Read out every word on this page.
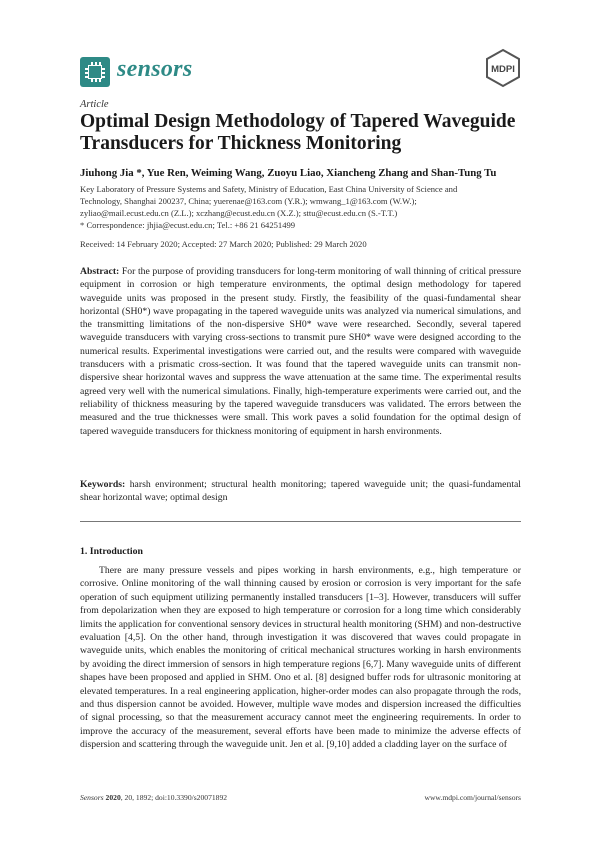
sensors	MDPI
Article
Optimal Design Methodology of Tapered Waveguide
Transducers for Thickness Monitoring
Jiuhong Jia *, Yue Ren, Weiming Wang, Zuoyu Liao, Xiancheng Zhang and Shan-Tung Tu
Key Laboratory of Pressure Systems and Safety, Ministry of Education, East China University of Science and
Technology, Shanghai 200237, China; yuerenae@163.com (Y.R.); wmwang_1@163.com (W.W.);
zyliao@mail.ecust.edu.cn (Z.L.); xczhang@ecust.edu.cn (X.Z.); sttu@ecust.edu.cn (S.-T.T.)
* Correspondence: jhjia@ecust.edu.cn; Tel.: +86 21 64251499
Received: 14 February 2020; Accepted: 27 March 2020; Published: 29 March 2020
Abstract: For the purpose of providing transducers for long-term monitoring of wall thinning of critical pressure equipment in corrosion or high temperature environments, the optimal design methodology for tapered waveguide units was proposed in the present study. Firstly, the feasibility of the quasi-fundamental shear horizontal (SH0*) wave propagating in the tapered waveguide units was analyzed via numerical simulations, and the transmitting limitations of the non-dispersive SH0* wave were researched. Secondly, several tapered waveguide transducers with varying cross-sections to transmit pure SH0* wave were designed according to the numerical results. Experimental investigations were carried out, and the results were compared with waveguide transducers with a prismatic cross-section. It was found that the tapered waveguide units can transmit non-dispersive shear horizontal waves and suppress the wave attenuation at the same time. The experimental results agreed very well with the numerical simulations. Finally, high-temperature experiments were carried out, and the reliability of thickness measuring by the tapered waveguide transducers was validated. The errors between the measured and the true thicknesses were small. This work paves a solid foundation for the optimal design of tapered waveguide transducers for thickness monitoring of equipment in harsh environments.
Keywords: harsh environment; structural health monitoring; tapered waveguide unit; the quasi-fundamental shear horizontal wave; optimal design
1. Introduction
There are many pressure vessels and pipes working in harsh environments, e.g., high temperature or corrosive. Online monitoring of the wall thinning caused by erosion or corrosion is very important for the safe operation of such equipment utilizing permanently installed transducers [1–3]. However, transducers will suffer from depolarization when they are exposed to high temperature or corrosion for a long time which considerably limits the application for conventional sensory devices in structural health monitoring (SHM) and non-destructive evaluation [4,5]. On the other hand, through investigation it was discovered that waves could propagate in waveguide units, which enables the monitoring of critical mechanical structures working in harsh environments by avoiding the direct immersion of sensors in high temperature regions [6,7]. Many waveguide units of different shapes have been proposed and applied in SHM. Ono et al. [8] designed buffer rods for ultrasonic monitoring at elevated temperatures. In a real engineering application, higher-order modes can also propagate through the rods, and thus dispersion cannot be avoided. However, multiple wave modes and dispersion increased the difficulties of signal processing, so that the measurement accuracy cannot meet the engineering requirements. In order to improve the accuracy of the measurement, several efforts have been made to minimize the adverse effects of dispersion and scattering through the waveguide unit. Jen et al. [9,10] added a cladding layer on the surface of
Sensors 2020, 20, 1892; doi:10.3390/s20071892	www.mdpi.com/journal/sensors
